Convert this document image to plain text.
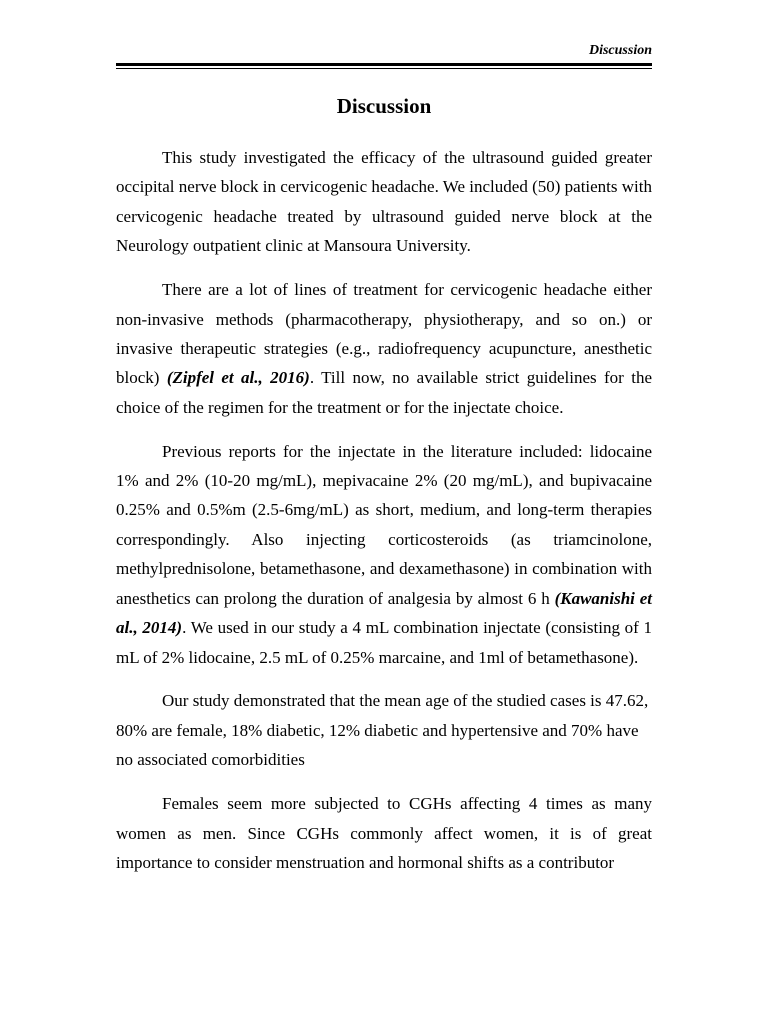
Discussion
Discussion

This study investigated the efficacy of the ultrasound guided greater occipital nerve block in cervicogenic headache. We included (50) patients with cervicogenic headache treated by ultrasound guided nerve block at the Neurology outpatient clinic at Mansoura University.

There are a lot of lines of treatment for cervicogenic headache either non-invasive methods (pharmacotherapy, physiotherapy, and so on.) or invasive therapeutic strategies (e.g., radiofrequency acupuncture, anesthetic block) (Zipfel et al., 2016). Till now, no available strict guidelines for the choice of the regimen for the treatment or for the injectate choice.

Previous reports for the injectate in the literature included: lidocaine 1% and 2% (10-20 mg/mL), mepivacaine 2% (20 mg/mL), and bupivacaine 0.25% and 0.5%m (2.5-6mg/mL) as short, medium, and long-term therapies correspondingly. Also injecting corticosteroids (as triamcinolone, methylprednisolone, betamethasone, and dexamethasone) in combination with anesthetics can prolong the duration of analgesia by almost 6 h (Kawanishi et al., 2014). We used in our study a 4 mL combination injectate (consisting of 1 mL of 2% lidocaine, 2.5 mL of 0.25% marcaine, and 1ml of betamethasone).

Our study demonstrated that the mean age of the studied cases is 47.62, 80% are female, 18% diabetic, 12% diabetic and hypertensive and 70% have no associated comorbidities

Females seem more subjected to CGHs affecting 4 times as many women as men. Since CGHs commonly affect women, it is of great importance to consider menstruation and hormonal shifts as a contributor
